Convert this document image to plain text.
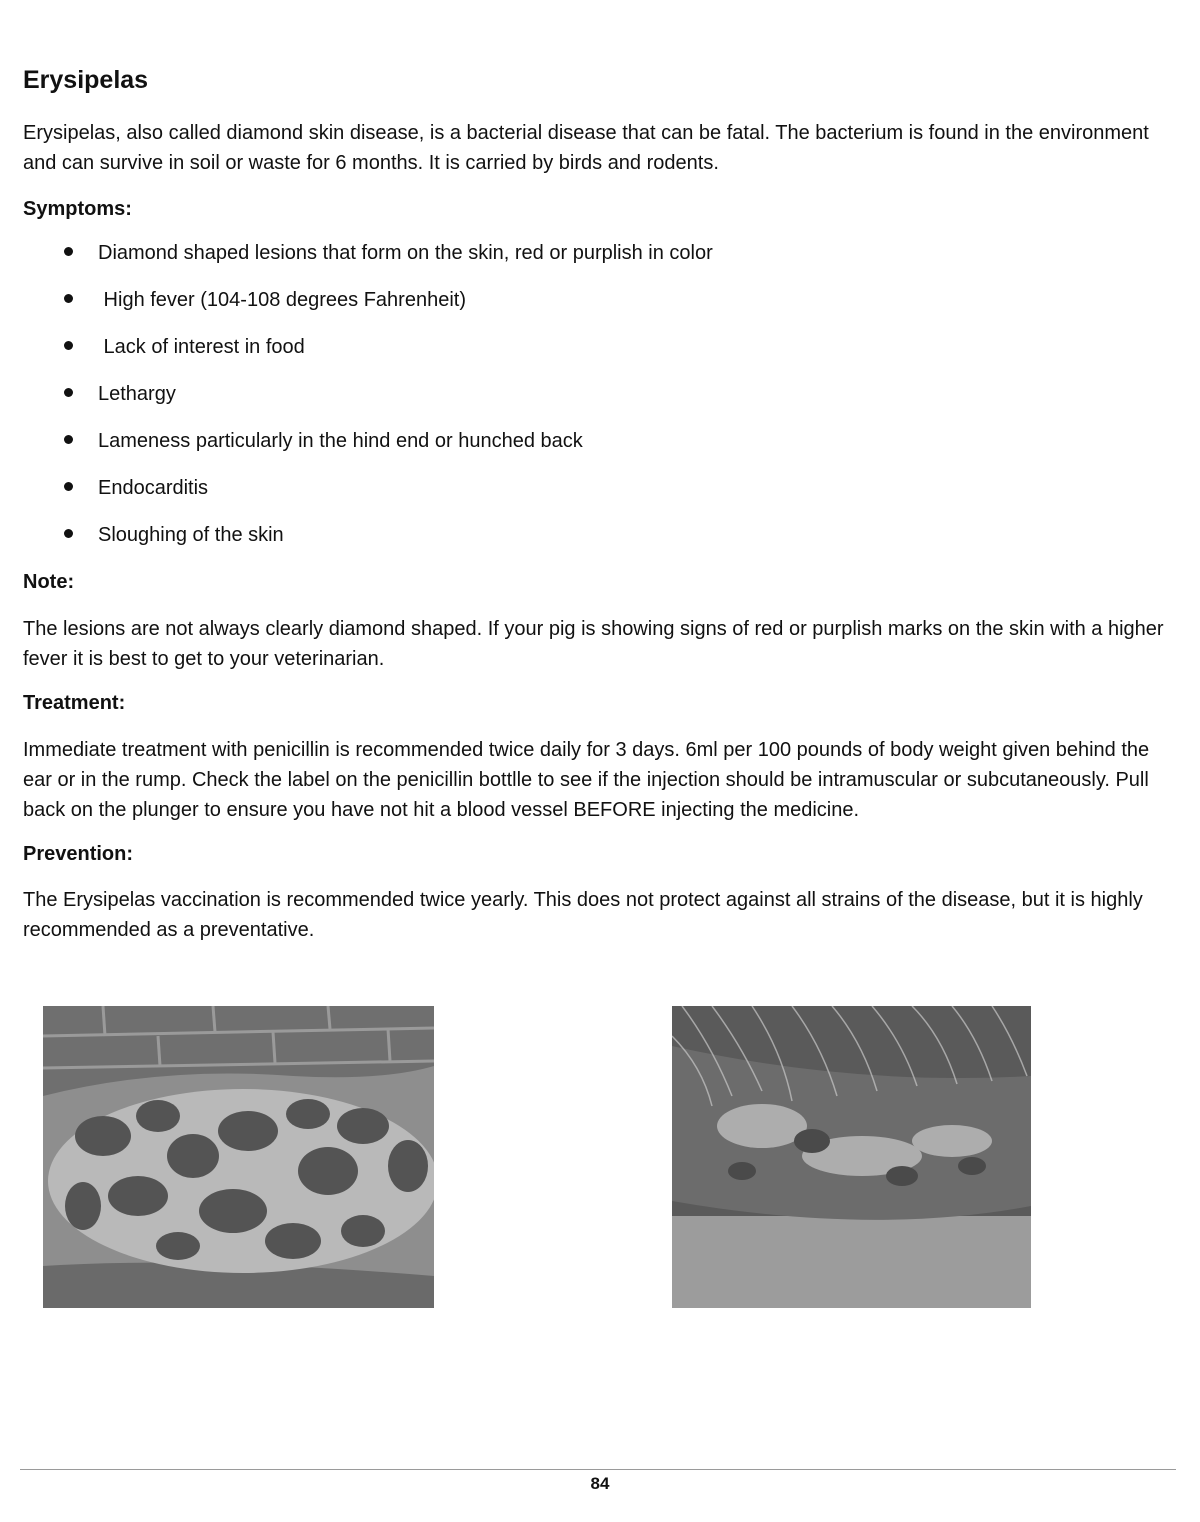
Erysipelas

Erysipelas, also called diamond skin disease, is a bacterial disease that can be fatal. The bacterium is found in the environment and can survive in soil or waste for 6 months. It is carried by birds and rodents.

Symptoms:
Diamond shaped lesions that form on the skin, red or purplish in color
High fever (104-108 degrees Fahrenheit)
Lack of interest in food
Lethargy
Lameness particularly in the hind end or hunched back
Endocarditis
Sloughing of the skin
Note:

The lesions are not always clearly diamond shaped. If your pig is showing signs of red or purplish marks on the skin with a higher fever it is best to get to your veterinarian.

Treatment:

Immediate treatment with penicillin is recommended twice daily for 3 days. 6ml per 100 pounds of body weight given behind the ear or in the rump. Check the label on the penicillin bottlle to see if the injection should be intramuscular or subcutaneously. Pull back on the plunger to ensure you have not hit a blood vessel BEFORE injecting the medicine.

Prevention:

The Erysipelas vaccination is recommended twice yearly. This does not protect against all strains of the disease, but it is highly recommended as a preventative.

84
